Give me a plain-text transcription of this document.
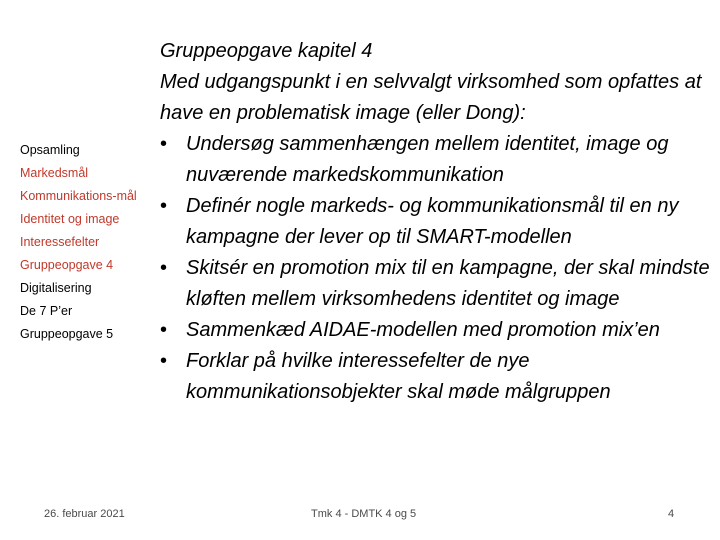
Opsamling
Markedsmål
Kommunikations-mål
Identitet og image
Interessefelter
Gruppeopgave 4
Digitalisering
De 7 P’er
Gruppeopgave 5

Gruppeopgave kapitel 4

Med udgangspunkt i en selvvalgt virksomhed som opfattes at have en problematisk image (eller Dong):

• Undersøg sammenhængen mellem identitet, image og nuværende markedskommunikation
• Definér nogle markeds- og kommunikationsmål til en ny kampagne der lever op til SMART-modellen
• Skitsér en promotion mix til en kampagne, der skal mindste kløften mellem virksomhedens identitet og image
• Sammenkæd AIDAE-modellen med promotion mix’en
• Forklar på hvilke interessefelter de nye kommunikationsobjekter skal møde målgruppen
26. februar 2021	Tmk 4 - DMTK 4 og 5	4
